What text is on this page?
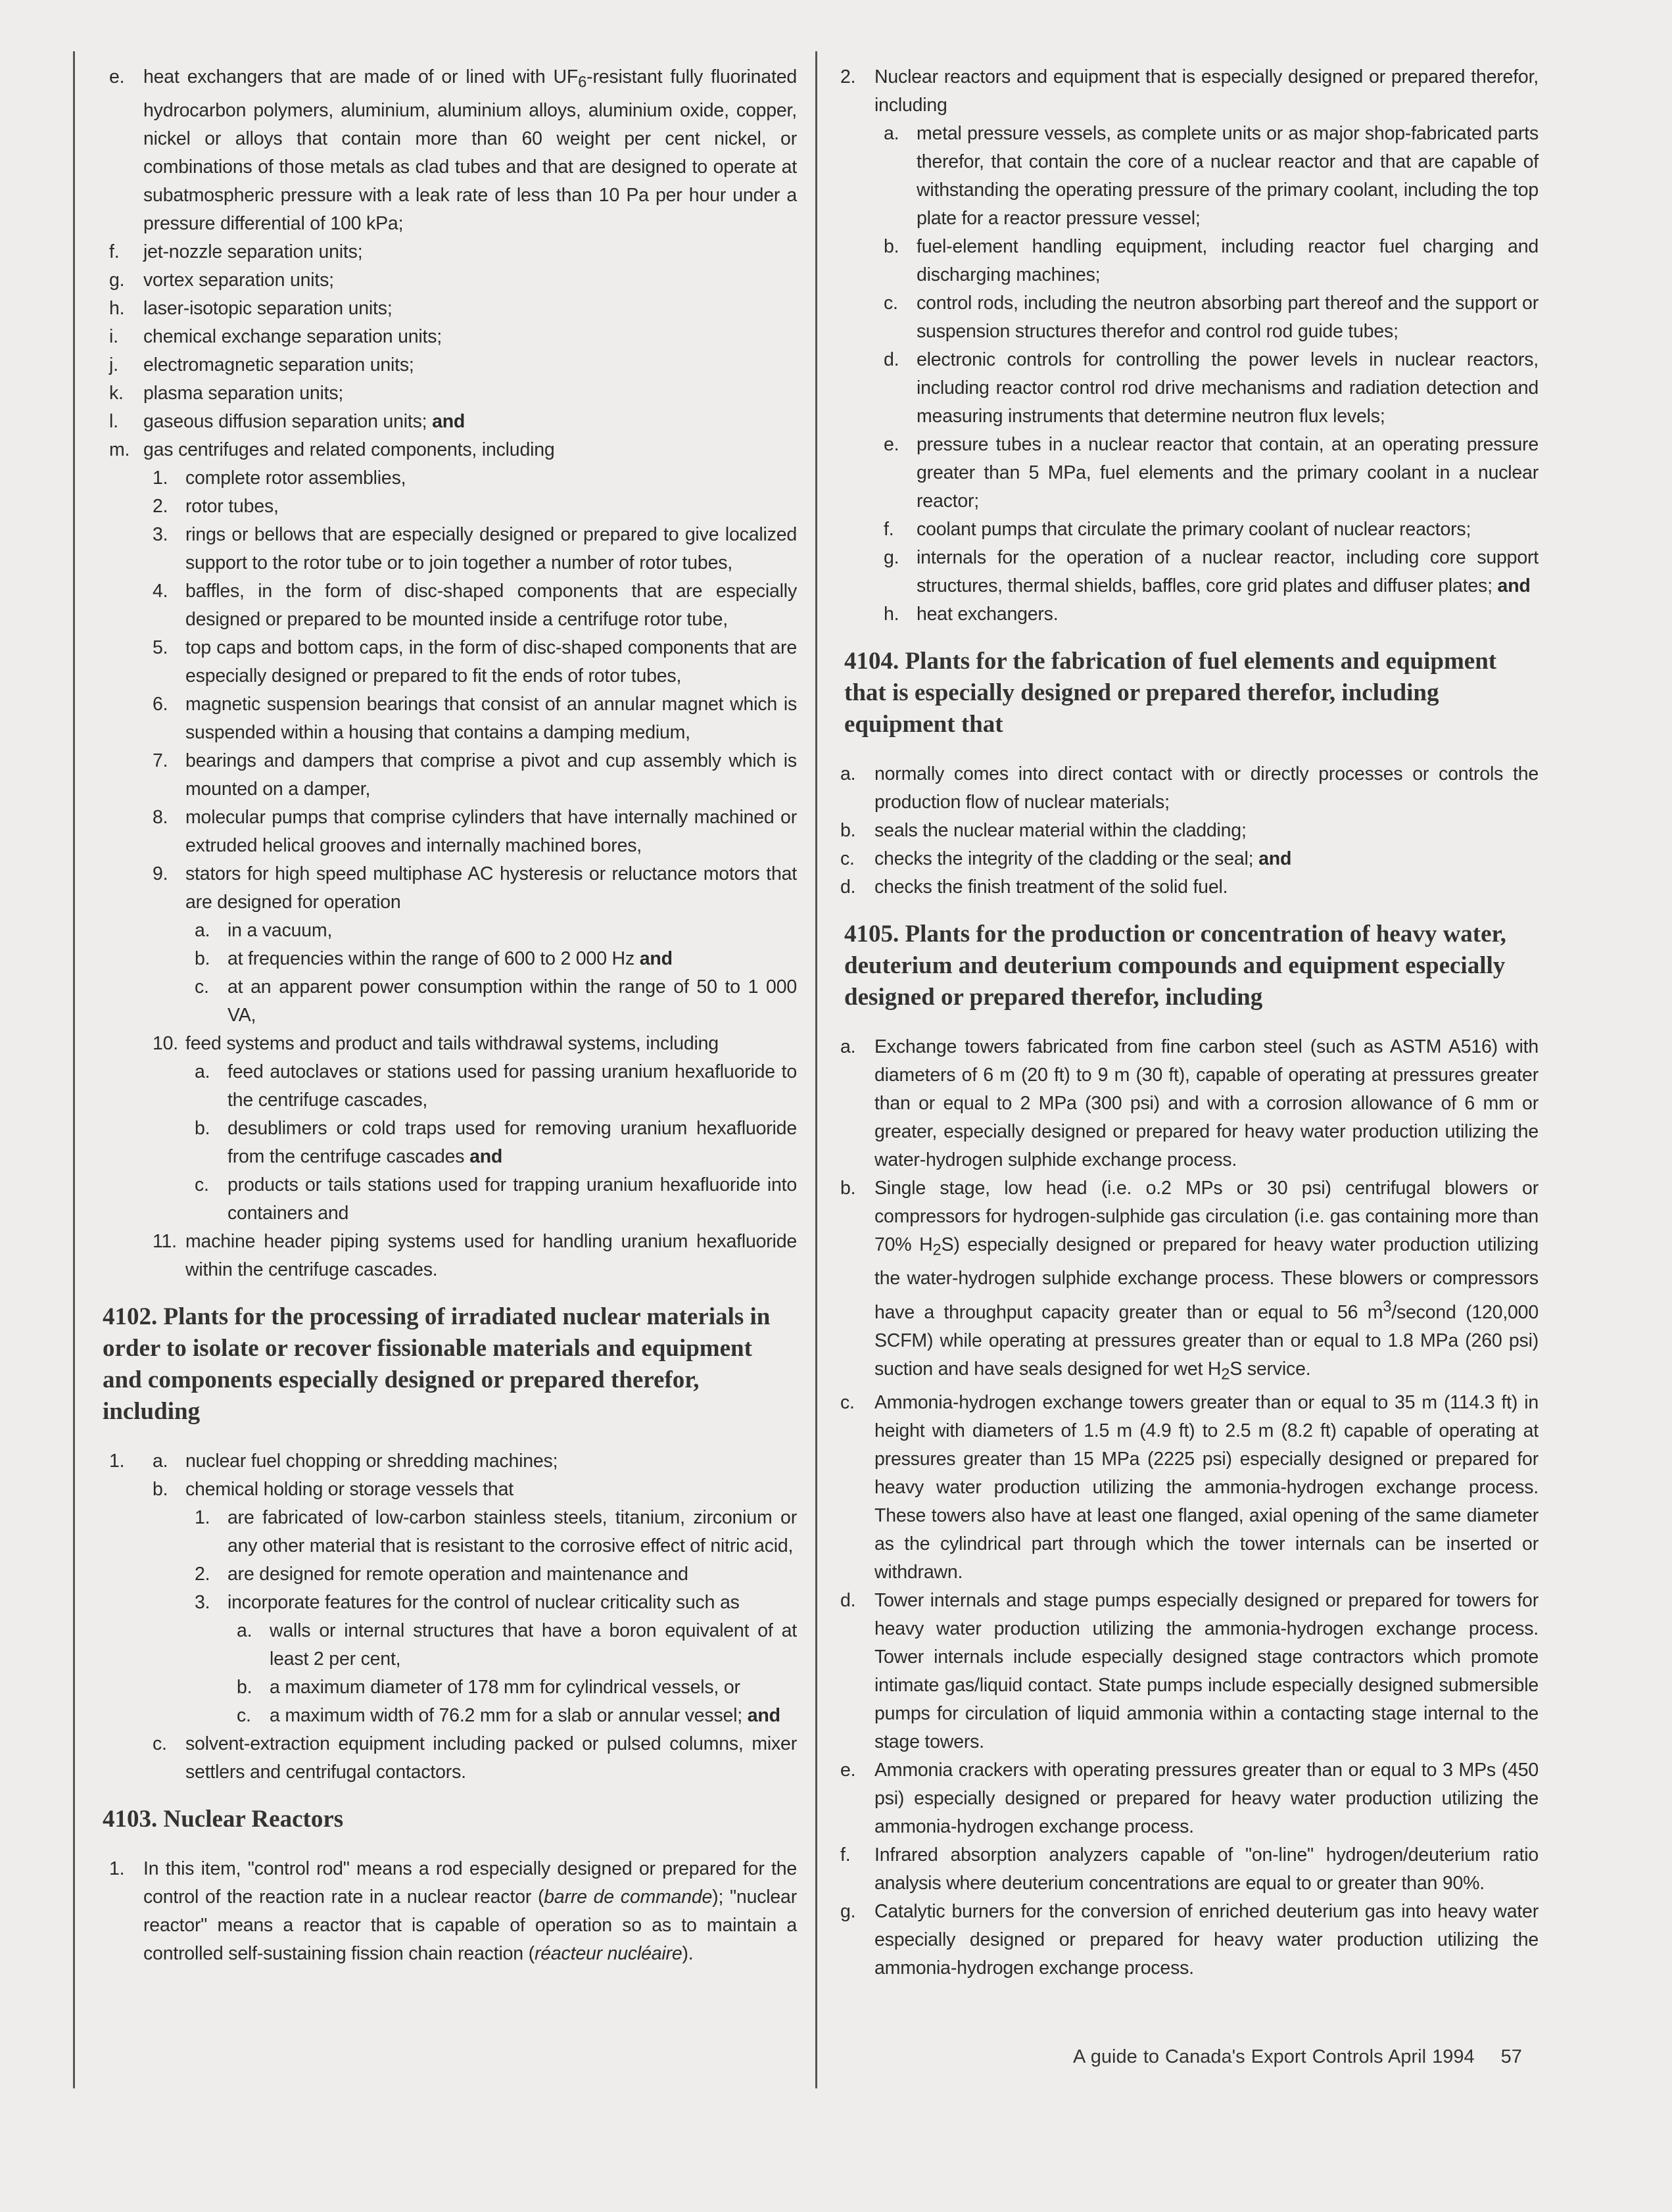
e. heat exchangers that are made of or lined with $UF_6$-resistant fully fluorinated hydrocarbon polymers, aluminium, aluminium alloys, aluminium oxide, copper, nickel or alloys that contain more than 60 weight per cent nickel, or combinations of those metals as clad tubes and that are designed to operate at subatmospheric pressure with a leak rate of less than 10 Pa per hour under a pressure differential of 100 kPa;
f. jet-nozzle separation units;
g. vortex separation units;
h. laser-isotopic separation units;
i. chemical exchange separation units;
j. electromagnetic separation units;
k. plasma separation units;
l. gaseous diffusion separation units; and
m. gas centrifuges and related components, including
1. complete rotor assemblies,
2. rotor tubes,
3. rings or bellows that are especially designed or prepared to give localized support to the rotor tube or to join together a number of rotor tubes,
4. baffles, in the form of disc-shaped components that are especially designed or prepared to be mounted inside a centrifuge rotor tube,
5. top caps and bottom caps, in the form of disc-shaped components that are especially designed or prepared to fit the ends of rotor tubes,
6. magnetic suspension bearings that consist of an annular magnet which is suspended within a housing that contains a damping medium,
7. bearings and dampers that comprise a pivot and cup assembly which is mounted on a damper,
8. molecular pumps that comprise cylinders that have internally machined or extruded helical grooves and internally machined bores,
9. stators for high speed multiphase AC hysteresis or reluctance motors that are designed for operation
a. in a vacuum,
b. at frequencies within the range of 600 to 2 000 Hz and
c. at an apparent power consumption within the range of 50 to 1 000 VA,
10. feed systems and product and tails withdrawal systems, including
a. feed autoclaves or stations used for passing uranium hexafluoride to the centrifuge cascades,
b. desublimers or cold traps used for removing uranium hexafluoride from the centrifuge cascades and
c. products or tails stations used for trapping uranium hexafluoride into containers and
11. machine header piping systems used for handling uranium hexafluoride within the centrifuge cascades.
4102. Plants for the processing of irradiated nuclear materials in order to isolate or recover fissionable materials and equipment and components especially designed or prepared therefor, including
1. a. nuclear fuel chopping or shredding machines;
b. chemical holding or storage vessels that
1. are fabricated of low-carbon stainless steels, titanium, zirconium or any other material that is resistant to the corrosive effect of nitric acid,
2. are designed for remote operation and maintenance and
3. incorporate features for the control of nuclear criticality such as
a. walls or internal structures that have a boron equivalent of at least 2 per cent,
b. a maximum diameter of 178 mm for cylindrical vessels, or
c. a maximum width of 76.2 mm for a slab or annular vessel; and
c. solvent-extraction equipment including packed or pulsed columns, mixer settlers and centrifugal contactors.
4103. Nuclear Reactors
1. In this item, "control rod" means a rod especially designed or prepared for the control of the reaction rate in a nuclear reactor (barre de commande); "nuclear reactor" means a reactor that is capable of operation so as to maintain a controlled self-sustaining fission chain reaction (réacteur nucléaire).
2. Nuclear reactors and equipment that is especially designed or prepared therefor, including
a. metal pressure vessels, as complete units or as major shop-fabricated parts therefor, that contain the core of a nuclear reactor and that are capable of withstanding the operating pressure of the primary coolant, including the top plate for a reactor pressure vessel;
b. fuel-element handling equipment, including reactor fuel charging and discharging machines;
c. control rods, including the neutron absorbing part thereof and the support or suspension structures therefor and control rod guide tubes;
d. electronic controls for controlling the power levels in nuclear reactors, including reactor control rod drive mechanisms and radiation detection and measuring instruments that determine neutron flux levels;
e. pressure tubes in a nuclear reactor that contain, at an operating pressure greater than 5 MPa, fuel elements and the primary coolant in a nuclear reactor;
f. coolant pumps that circulate the primary coolant of nuclear reactors;
g. internals for the operation of a nuclear reactor, including core support structures, thermal shields, baffles, core grid plates and diffuser plates; and
h. heat exchangers.
4104. Plants for the fabrication of fuel elements and equipment that is especially designed or prepared therefor, including equipment that
a. normally comes into direct contact with or directly processes or controls the production flow of nuclear materials;
b. seals the nuclear material within the cladding;
c. checks the integrity of the cladding or the seal; and
d. checks the finish treatment of the solid fuel.
4105. Plants for the production or concentration of heavy water, deuterium and deuterium compounds and equipment especially designed or prepared therefor, including
a. Exchange towers fabricated from fine carbon steel (such as ASTM A516) with diameters of 6 m (20 ft) to 9 m (30 ft), capable of operating at pressures greater than or equal to 2 MPa (300 psi) and with a corrosion allowance of 6 mm or greater, especially designed or prepared for heavy water production utilizing the water-hydrogen sulphide exchange process.
b. Single stage, low head (i.e. o.2 MPs or 30 psi) centrifugal blowers or compressors for hydrogen-sulphide gas circulation (i.e. gas containing more than 70% $H_2S$) especially designed or prepared for heavy water production utilizing the water-hydrogen sulphide exchange process. These blowers or compressors have a throughput capacity greater than or equal to 56 $m^3$/second (120,000 SCFM) while operating at pressures greater than or equal to 1.8 MPa (260 psi) suction and have seals designed for wet $H_2S$ service.
c. Ammonia-hydrogen exchange towers greater than or equal to 35 m (114.3 ft) in height with diameters of 1.5 m (4.9 ft) to 2.5 m (8.2 ft) capable of operating at pressures greater than 15 MPa (2225 psi) especially designed or prepared for heavy water production utilizing the ammonia-hydrogen exchange process. These towers also have at least one flanged, axial opening of the same diameter as the cylindrical part through which the tower internals can be inserted or withdrawn.
d. Tower internals and stage pumps especially designed or prepared for towers for heavy water production utilizing the ammonia-hydrogen exchange process. Tower internals include especially designed stage contractors which promote intimate gas/liquid contact. State pumps include especially designed submersible pumps for circulation of liquid ammonia within a contacting stage internal to the stage towers.
e. Ammonia crackers with operating pressures greater than or equal to 3 MPs (450 psi) especially designed or prepared for heavy water production utilizing the ammonia-hydrogen exchange process.
f. Infrared absorption analyzers capable of "on-line" hydrogen/deuterium ratio analysis where deuterium concentrations are equal to or greater than 90%.
g. Catalytic burners for the conversion of enriched deuterium gas into heavy water especially designed or prepared for heavy water production utilizing the ammonia-hydrogen exchange process.
A guide to Canada's Export Controls April 1994 57
